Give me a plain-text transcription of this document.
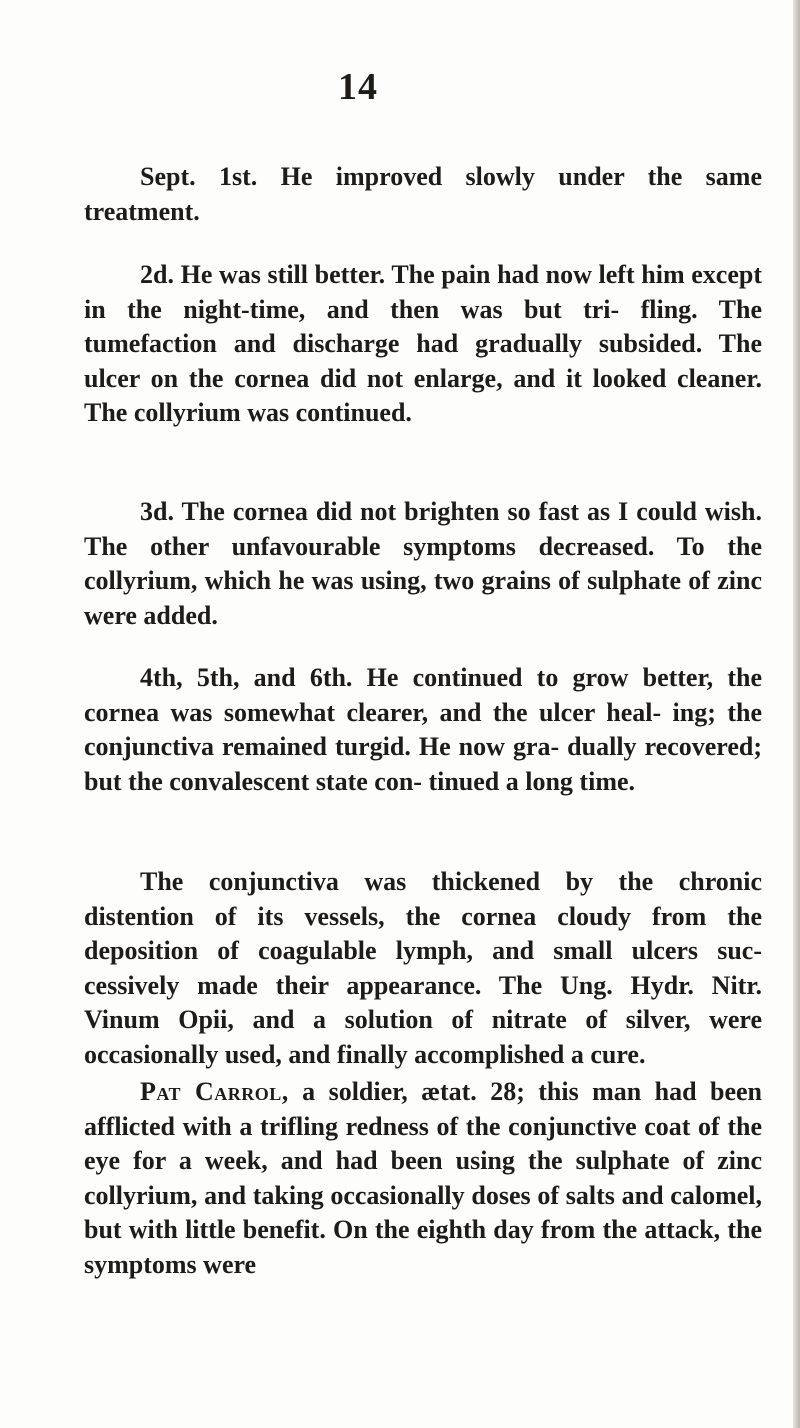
14

Sept. 1st. He improved slowly under the same treatment.

2d. He was still better. The pain had now left him except in the night-time, and then was but tri- fling. The tumefaction and discharge had gradually subsided. The ulcer on the cornea did not enlarge, and it looked cleaner. The collyrium was continued.

3d. The cornea did not brighten so fast as I could wish. The other unfavourable symptoms decreased. To the collyrium, which he was using, two grains of sulphate of zinc were added.

4th, 5th, and 6th. He continued to grow better, the cornea was somewhat clearer, and the ulcer heal- ing; the conjunctiva remained turgid. He now gra- dually recovered; but the convalescent state con- tinued a long time.

The conjunctiva was thickened by the chronic distention of its vessels, the cornea cloudy from the deposition of coagulable lymph, and small ulcers suc- cessively made their appearance. The Ung. Hydr. Nitr. Vinum Opii, and a solution of nitrate of silver, were occasionally used, and finally accomplished a cure.

Pat Carrol, a soldier, ætat. 28; this man had been afflicted with a trifling redness of the conjunctive coat of the eye for a week, and had been using the sulphate of zinc collyrium, and taking occasionally doses of salts and calomel, but with little benefit. On the eighth day from the attack, the symptoms were
